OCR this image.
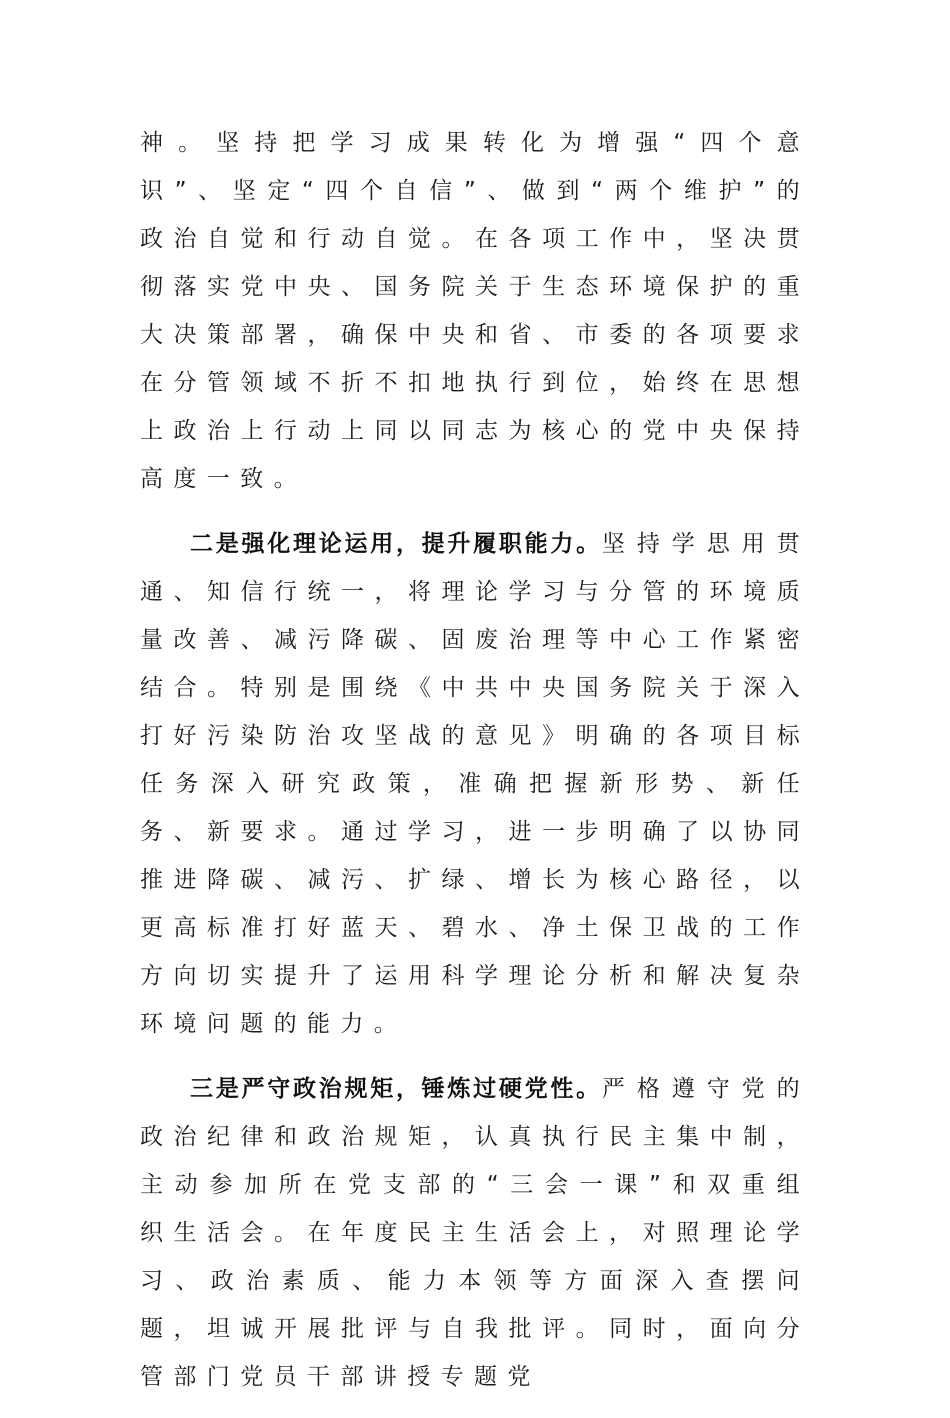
神。坚持把学习成果转化为增强“四个意识”、坚定“四个自信”、做到“两个维护”的政治自觉和行动自觉。在各项工作中，坚决贯彻落实党中央、国务院关于生态环境保护的重大决策部署，确保中央和省、市委的各项要求在分管领域不折不扣地执行到位，始终在思想上政治上行动上同以同志为核心的党中央保持高度一致。

二是强化理论运用，提升履职能力。坚持学思用贯通、知信行统一，将理论学习与分管的环境质量改善、减污降碳、固废治理等中心工作紧密结合。特别是围绕《中共中央国务院关于深入打好污染防治攻坚战的意见》明确的各项目标任务深入研究政策，准确把握新形势、新任务、新要求。通过学习，进一步明确了以协同推进降碳、减污、扩绿、增长为核心路径，以更高标准打好蓝天、碧水、净土保卫战的工作方向切实提升了运用科学理论分析和解决复杂环境问题的能力。

三是严守政治规矩，锤炼过硬党性。严格遵守党的政治纪律和政治规矩，认真执行民主集中制，主动参加所在党支部的“三会一课”和双重组织生活会。在年度民主生活会上，对照理论学习、政治素质、能力本领等方面深入查摆问题，坦诚开展批评与自我批评。同时，面向分管部门党员干部讲授专题党
